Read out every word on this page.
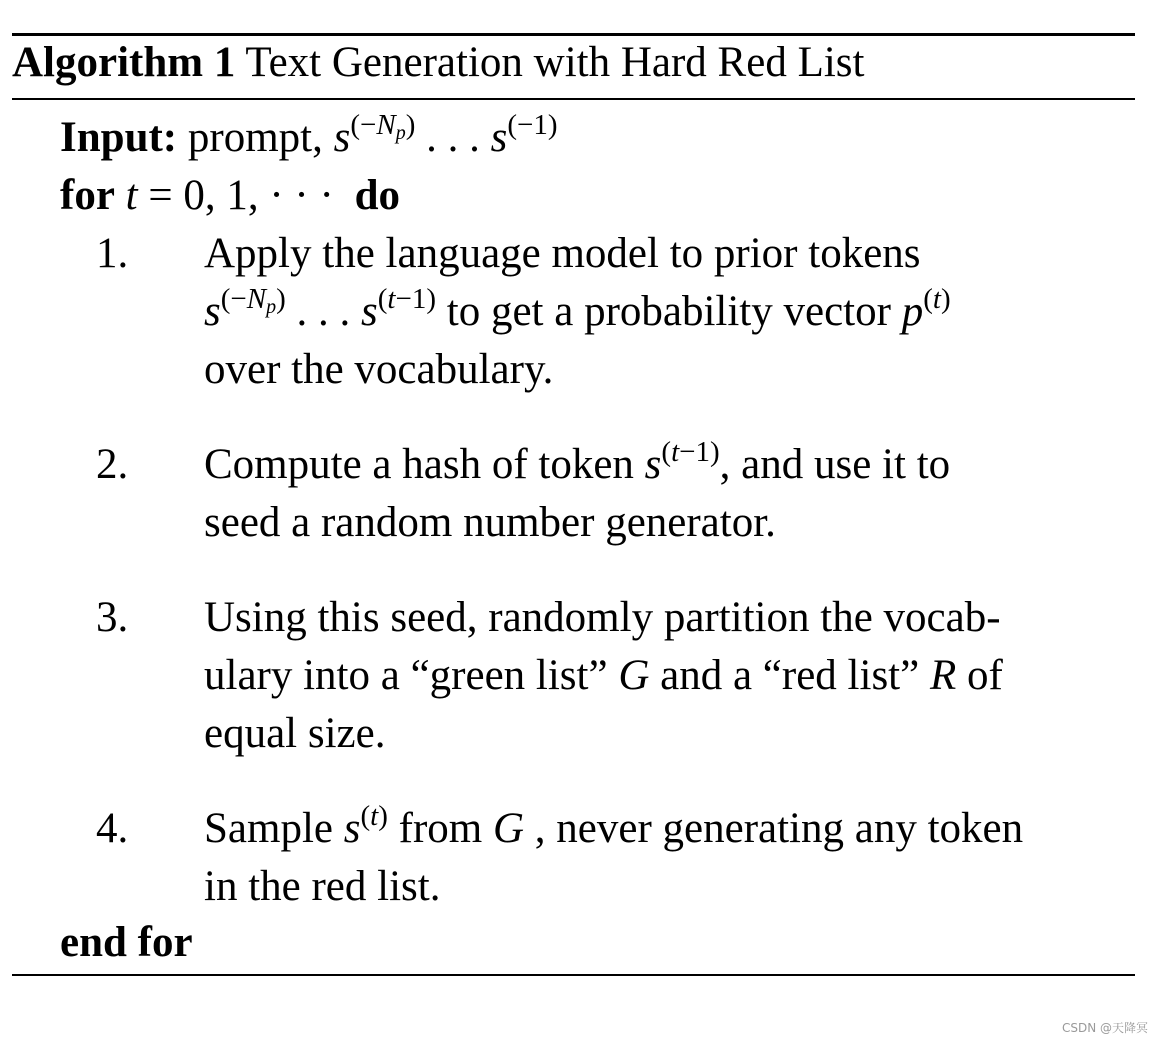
Algorithm 1 Text Generation with Hard Red List
Input: prompt, $s^{(-Np)}$ . . . $s^{(-1)}$
for t = 0, 1, · · · do
1. Apply the language model to prior tokens
$s^{(-Np)}$ . . . $s^{(t-1)}$ to get a probability vector $p^{(t)}$
over the vocabulary.
2. Compute a hash of token $s^{(t-1)}$, and use it to
seed a random number generator.
3. Using this seed, randomly partition the vocab-
ulary into a “green list” G and a “red list” R of
equal size.
4. Sample $s^{(t)}$ from G , never generating any token
in the red list.
end for
CSDN @天降冥
